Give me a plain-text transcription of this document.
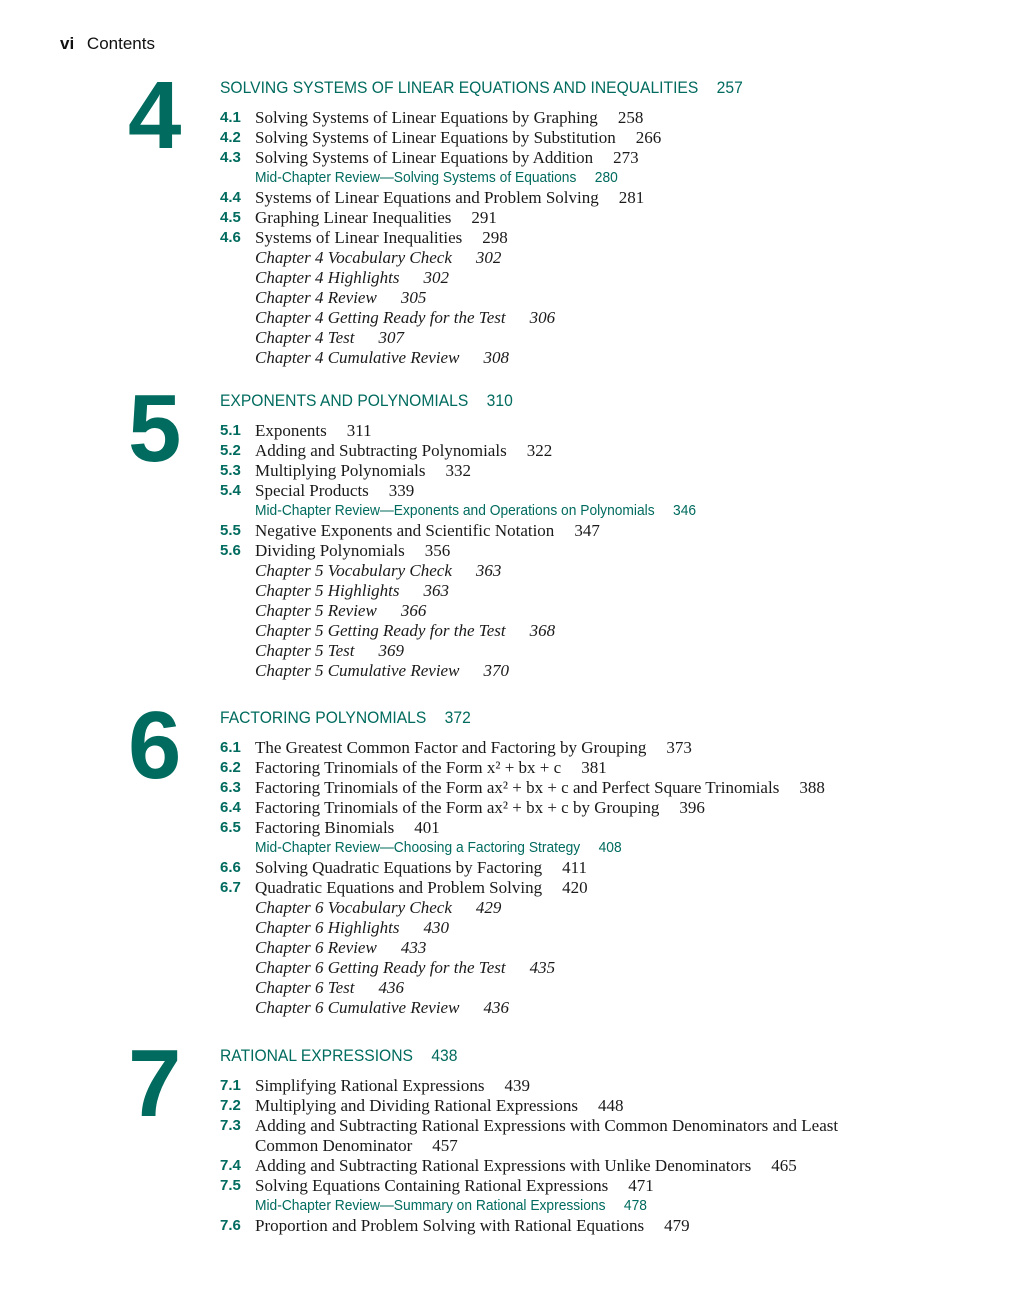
vi Contents
4	SOLVING SYSTEMS OF LINEAR EQUATIONS AND INEQUALITIES 257
4.1 Solving Systems of Linear Equations by Graphing 258
4.2 Solving Systems of Linear Equations by Substitution 266
4.3 Solving Systems of Linear Equations by Addition 273
Mid-Chapter Review—Solving Systems of Equations 280
4.4 Systems of Linear Equations and Problem Solving 281
4.5 Graphing Linear Inequalities 291
4.6 Systems of Linear Inequalities 298
Chapter 4 Vocabulary Check 302
Chapter 4 Highlights 302
Chapter 4 Review 305
Chapter 4 Getting Ready for the Test 306
Chapter 4 Test 307
Chapter 4 Cumulative Review 308
5	EXPONENTS AND POLYNOMIALS 310
5.1 Exponents 311
5.2 Adding and Subtracting Polynomials 322
5.3 Multiplying Polynomials 332
5.4 Special Products 339
Mid-Chapter Review—Exponents and Operations on Polynomials 346
5.5 Negative Exponents and Scientific Notation 347
5.6 Dividing Polynomials 356
Chapter 5 Vocabulary Check 363
Chapter 5 Highlights 363
Chapter 5 Review 366
Chapter 5 Getting Ready for the Test 368
Chapter 5 Test 369
Chapter 5 Cumulative Review 370
6	FACTORING POLYNOMIALS 372
6.1 The Greatest Common Factor and Factoring by Grouping 373
6.2 Factoring Trinomials of the Form x² + bx + c 381
6.3 Factoring Trinomials of the Form ax² + bx + c and Perfect Square Trinomials 388
6.4 Factoring Trinomials of the Form ax² + bx + c by Grouping 396
6.5 Factoring Binomials 401
Mid-Chapter Review—Choosing a Factoring Strategy 408
6.6 Solving Quadratic Equations by Factoring 411
6.7 Quadratic Equations and Problem Solving 420
Chapter 6 Vocabulary Check 429
Chapter 6 Highlights 430
Chapter 6 Review 433
Chapter 6 Getting Ready for the Test 435
Chapter 6 Test 436
Chapter 6 Cumulative Review 436
7	RATIONAL EXPRESSIONS 438
7.1 Simplifying Rational Expressions 439
7.2 Multiplying and Dividing Rational Expressions 448
7.3 Adding and Subtracting Rational Expressions with Common Denominators and Least
Common Denominator 457
7.4 Adding and Subtracting Rational Expressions with Unlike Denominators 465
7.5 Solving Equations Containing Rational Expressions 471
Mid-Chapter Review—Summary on Rational Expressions 478
7.6 Proportion and Problem Solving with Rational Equations 479
